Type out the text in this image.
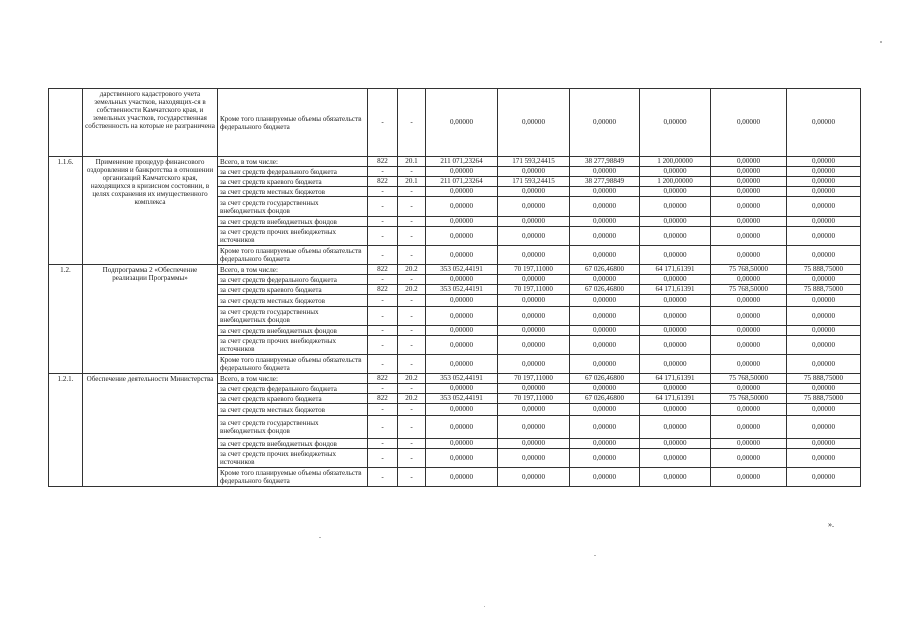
	дарственного кадастрового учета земельных участков, находящих-ся в собственности Камчатского края, и земельных участков, государственная собственность на которые не разграничена	Кроме того планируемые объемы обязательств федерального бюджета	-	-	0,00000	0,00000	0,00000	0,00000	0,00000	0,00000
1.1.6.	Применение процедур финансового оздоровления и банкротства в отношении организаций Камчатского края, находящихся в кризисном состоянии, в целях сохранения их имущественного комплекса	Всего, в том числе:	822	20.1	211 071,23264	171 593,24415	38 277,98849	1 200,00000	0,00000	0,00000
		за счет средств федерального бюджета	-	-	0,00000	0,00000	0,00000	0,00000	0,00000	0,00000
		за счет средств краевого бюджета	822	20.1	211 071,23264	171 593,24415	38 277,98849	1 200,00000	0,00000	0,00000
		за счет средств местных бюджетов	-	-	0,00000	0,00000	0,00000	0,00000	0,00000	0,00000
		за счет средств государственных внебюджетных фондов	-	-	0,00000	0,00000	0,00000	0,00000	0,00000	0,00000
		за счет средств внебюджетных фондов	-	-	0,00000	0,00000	0,00000	0,00000	0,00000	0,00000
		за счет средств прочих внебюджетных источников	-	-	0,00000	0,00000	0,00000	0,00000	0,00000	0,00000
		Кроме того планируемые объемы обязательств федерального бюджета	-	-	0,00000	0,00000	0,00000	0,00000	0,00000	0,00000
1.2.	Подпрограмма 2 «Обеспечение реализации Программы»	Всего, в том числе:	822	20.2	353 052,44191	70 197,11000	67 026,46800	64 171,61391	75 768,50000	75 888,75000
		за счет средств федерального бюджета	-	-	0,00000	0,00000	0,00000	0,00000	0,00000	0,00000
		за счет средств краевого бюджета	822	20.2	353 052,44191	70 197,11000	67 026,46800	64 171,61391	75 768,50000	75 888,75000
		за счет средств местных бюджетов	-	-	0,00000	0,00000	0,00000	0,00000	0,00000	0,00000
		за счет средств государственных внебюджетных фондов	-	-	0,00000	0,00000	0,00000	0,00000	0,00000	0,00000
		за счет средств внебюджетных фондов	-	-	0,00000	0,00000	0,00000	0,00000	0,00000	0,00000
		за счет средств прочих внебюджетных источников	-	-	0,00000	0,00000	0,00000	0,00000	0,00000	0,00000
		Кроме того планируемые объемы обязательств федерального бюджета	-	-	0,00000	0,00000	0,00000	0,00000	0,00000	0,00000
1.2.1.	Обеспечение деятельности Министерства	Всего, в том числе:	822	20.2	353 052,44191	70 197,11000	67 026,46800	64 171,61391	75 768,50000	75 888,75000
		за счет средств федерального бюджета	-	-	0,00000	0,00000	0,00000	0,00000	0,00000	0,00000
		за счет средств краевого бюджета	822	20.2	353 052,44191	70 197,11000	67 026,46800	64 171,61391	75 768,50000	75 888,75000
		за счет средств местных бюджетов	-	-	0,00000	0,00000	0,00000	0,00000	0,00000	0,00000
		за счет средств государственных внебюджетных фондов	-	-	0,00000	0,00000	0,00000	0,00000	0,00000	0,00000
		за счет средств внебюджетных фондов	-	-	0,00000	0,00000	0,00000	0,00000	0,00000	0,00000
		за счет средств прочих внебюджетных источников	-	-	0,00000	0,00000	0,00000	0,00000	0,00000	0,00000
		Кроме того планируемые объемы обязательств федерального бюджета	-	-	0,00000	0,00000	0,00000	0,00000	0,00000	0,00000
».
